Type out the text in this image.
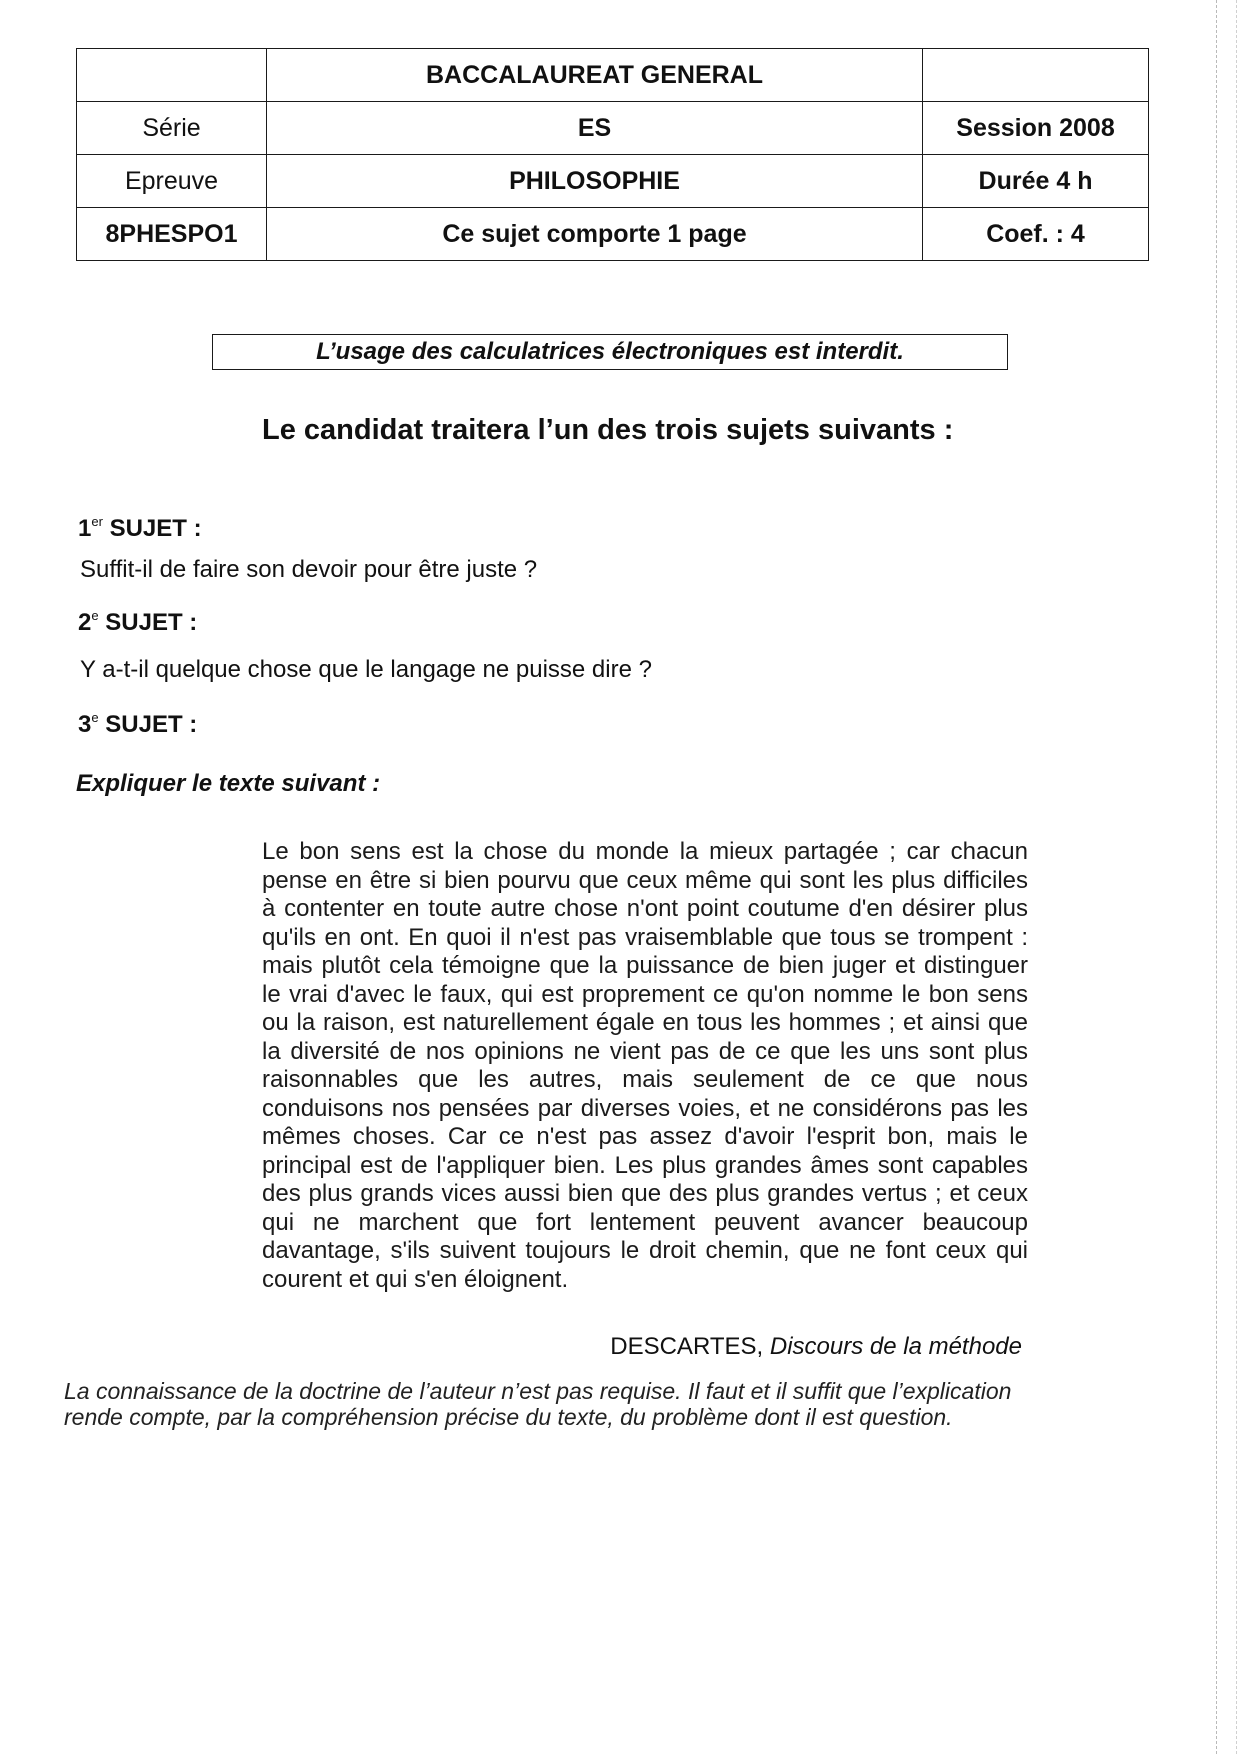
	BACCALAUREAT GENERAL	
Série	ES	Session 2008
Epreuve	PHILOSOPHIE	Durée 4 h
8PHESPO1	Ce sujet comporte 1 page	Coef. : 4
L’usage des calculatrices électroniques est interdit.
Le candidat traitera l’un des trois sujets suivants :
1er SUJET :
Suffit-il de faire son devoir pour être juste ?
2e SUJET :
Y a-t-il quelque chose que le langage ne puisse dire ?
3e SUJET :
Expliquer le texte suivant :
Le bon sens est la chose du monde la mieux partagée ; car chacun pense en être si bien pourvu que ceux même qui sont les plus difficiles à contenter en toute autre chose n'ont point coutume d'en désirer plus qu'ils en ont. En quoi il n'est pas vraisemblable que tous se trompent : mais plutôt cela témoigne que la puissance de bien juger et distinguer le vrai d'avec le faux, qui est proprement ce qu'on nomme le bon sens ou la raison, est naturellement égale en tous les hommes ; et ainsi que la diversité de nos opinions ne vient pas de ce que les uns sont plus raisonnables que les autres, mais seulement de ce que nous conduisons nos pensées par diverses voies, et ne considérons pas les mêmes choses. Car ce n'est pas assez d'avoir l'esprit bon, mais le principal est de l'appliquer bien. Les plus grandes âmes sont capables des plus grands vices aussi bien que des plus grandes vertus ; et ceux qui ne marchent que fort lentement peuvent avancer beaucoup davantage, s'ils suivent toujours le droit chemin, que ne font ceux qui courent et qui s'en éloignent.
DESCARTES, Discours de la méthode
La connaissance de la doctrine de l’auteur n’est pas requise. Il faut et il suffit que l’explication rende compte, par la compréhension précise du texte, du problème dont il est question.
